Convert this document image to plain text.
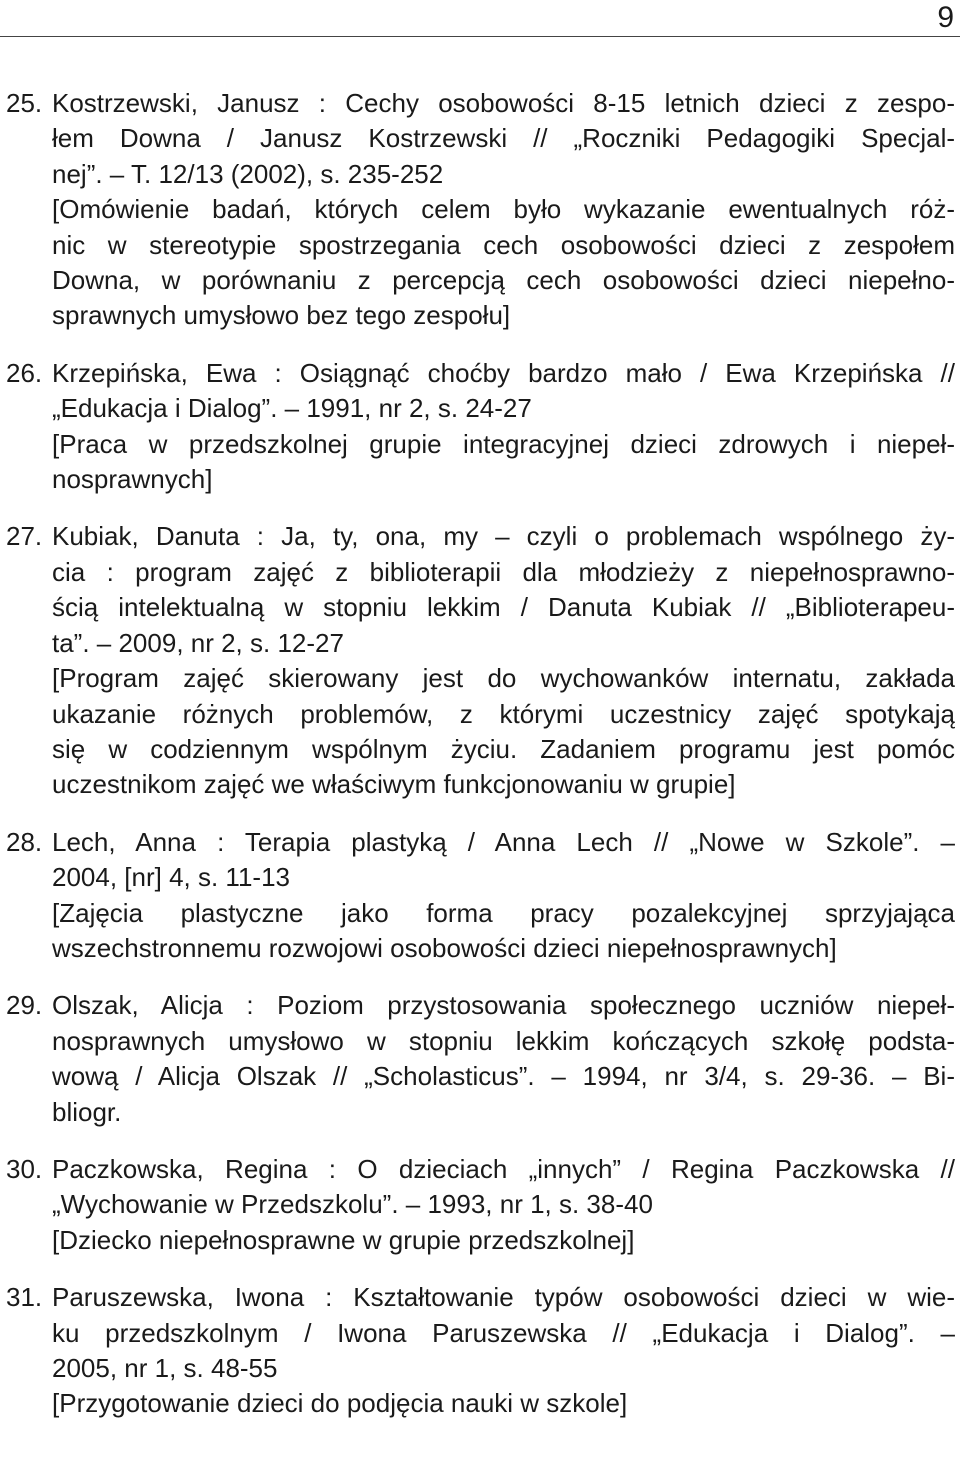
9
25. Kostrzewski, Janusz : Cechy osobowości 8-15 letnich dzieci z zespo-
łem Downa / Janusz Kostrzewski // „Roczniki Pedagogiki Specjal-
nej”. – T. 12/13 (2002), s. 235-252
[Omówienie badań, których celem było wykazanie ewentualnych róż-
nic w stereotypie spostrzegania cech osobowości dzieci z zespołem
Downa, w porównaniu z percepcją cech osobowości dzieci niepełno-
sprawnych umysłowo bez tego zespołu]
26. Krzepińska, Ewa : Osiągnąć choćby bardzo mało / Ewa Krzepińska //
„Edukacja i Dialog”. – 1991, nr 2, s. 24-27
[Praca w przedszkolnej grupie integracyjnej dzieci zdrowych i niepeł-
nosprawnych]
27. Kubiak, Danuta : Ja, ty, ona, my – czyli o problemach wspólnego ży-
cia : program zajęć z biblioterapii dla młodzieży z niepełnosprawno-
ścią intelektualną w stopniu lekkim / Danuta Kubiak // „Biblioterapeu-
ta”. – 2009, nr 2, s. 12-27
[Program zajęć skierowany jest do wychowanków internatu, zakłada
ukazanie różnych problemów, z którymi uczestnicy zajęć spotykają
się w codziennym wspólnym życiu. Zadaniem programu jest pomóc
uczestnikom zajęć we właściwym funkcjonowaniu w grupie]
28. Lech, Anna : Terapia plastyką / Anna Lech // „Nowe w Szkole”. –
2004, [nr] 4, s. 11-13
[Zajęcia plastyczne jako forma pracy pozalekcyjnej sprzyjająca
wszechstronnemu rozwojowi osobowości dzieci niepełnosprawnych]
29. Olszak, Alicja : Poziom przystosowania społecznego uczniów niepeł-
nosprawnych umysłowo w stopniu lekkim kończących szkołę podsta-
wową / Alicja Olszak // „Scholasticus”. – 1994, nr 3/4, s. 29-36. – Bi-
bliogr.
30. Paczkowska, Regina : O dzieciach „innych” / Regina Paczkowska //
„Wychowanie w Przedszkolu”. – 1993, nr 1, s. 38-40
[Dziecko niepełnosprawne w grupie przedszkolnej]
31. Paruszewska, Iwona : Kształtowanie typów osobowości dzieci w wie-
ku przedszkolnym / Iwona Paruszewska // „Edukacja i Dialog”. –
2005, nr 1, s. 48-55
[Przygotowanie dzieci do podjęcia nauki w szkole]
